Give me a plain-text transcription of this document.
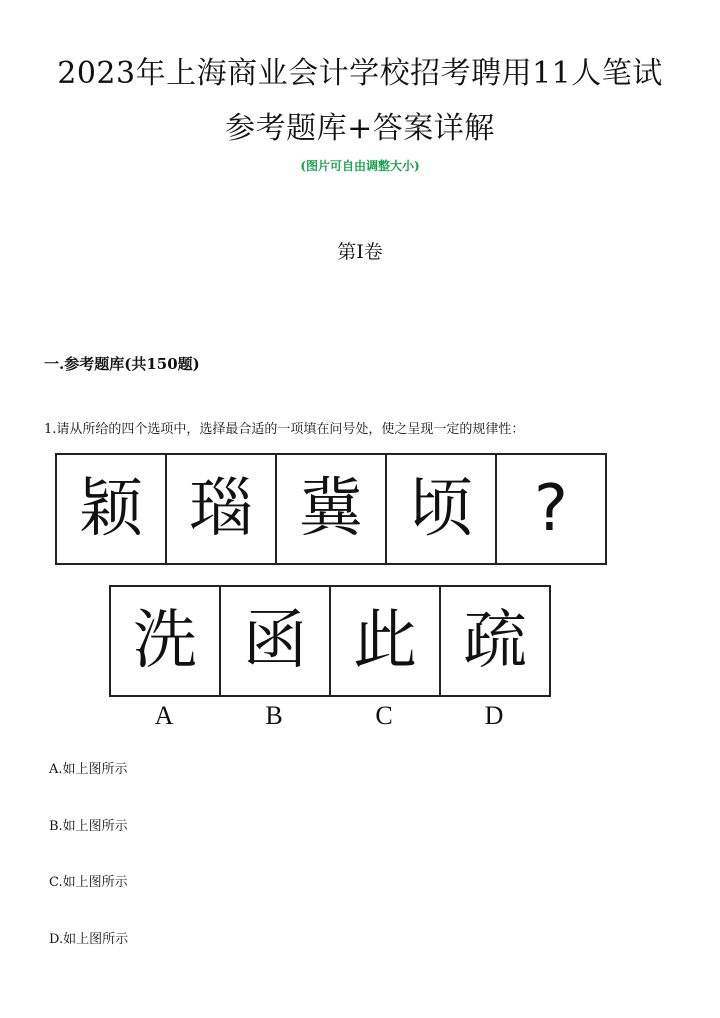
2023年上海商业会计学校招考聘用11人笔试
参考题库+答案详解
(图片可自由调整大小)
第I卷
一.参考题库(共150题)
1.请从所给的四个选项中，选择最合适的一项填在问号处，使之呈现一定的规律性：
颖 瑙 冀 顷 ?
洗 函 此 疏
A	B	C	D
A.如上图所示
B.如上图所示
C.如上图所示
D.如上图所示
